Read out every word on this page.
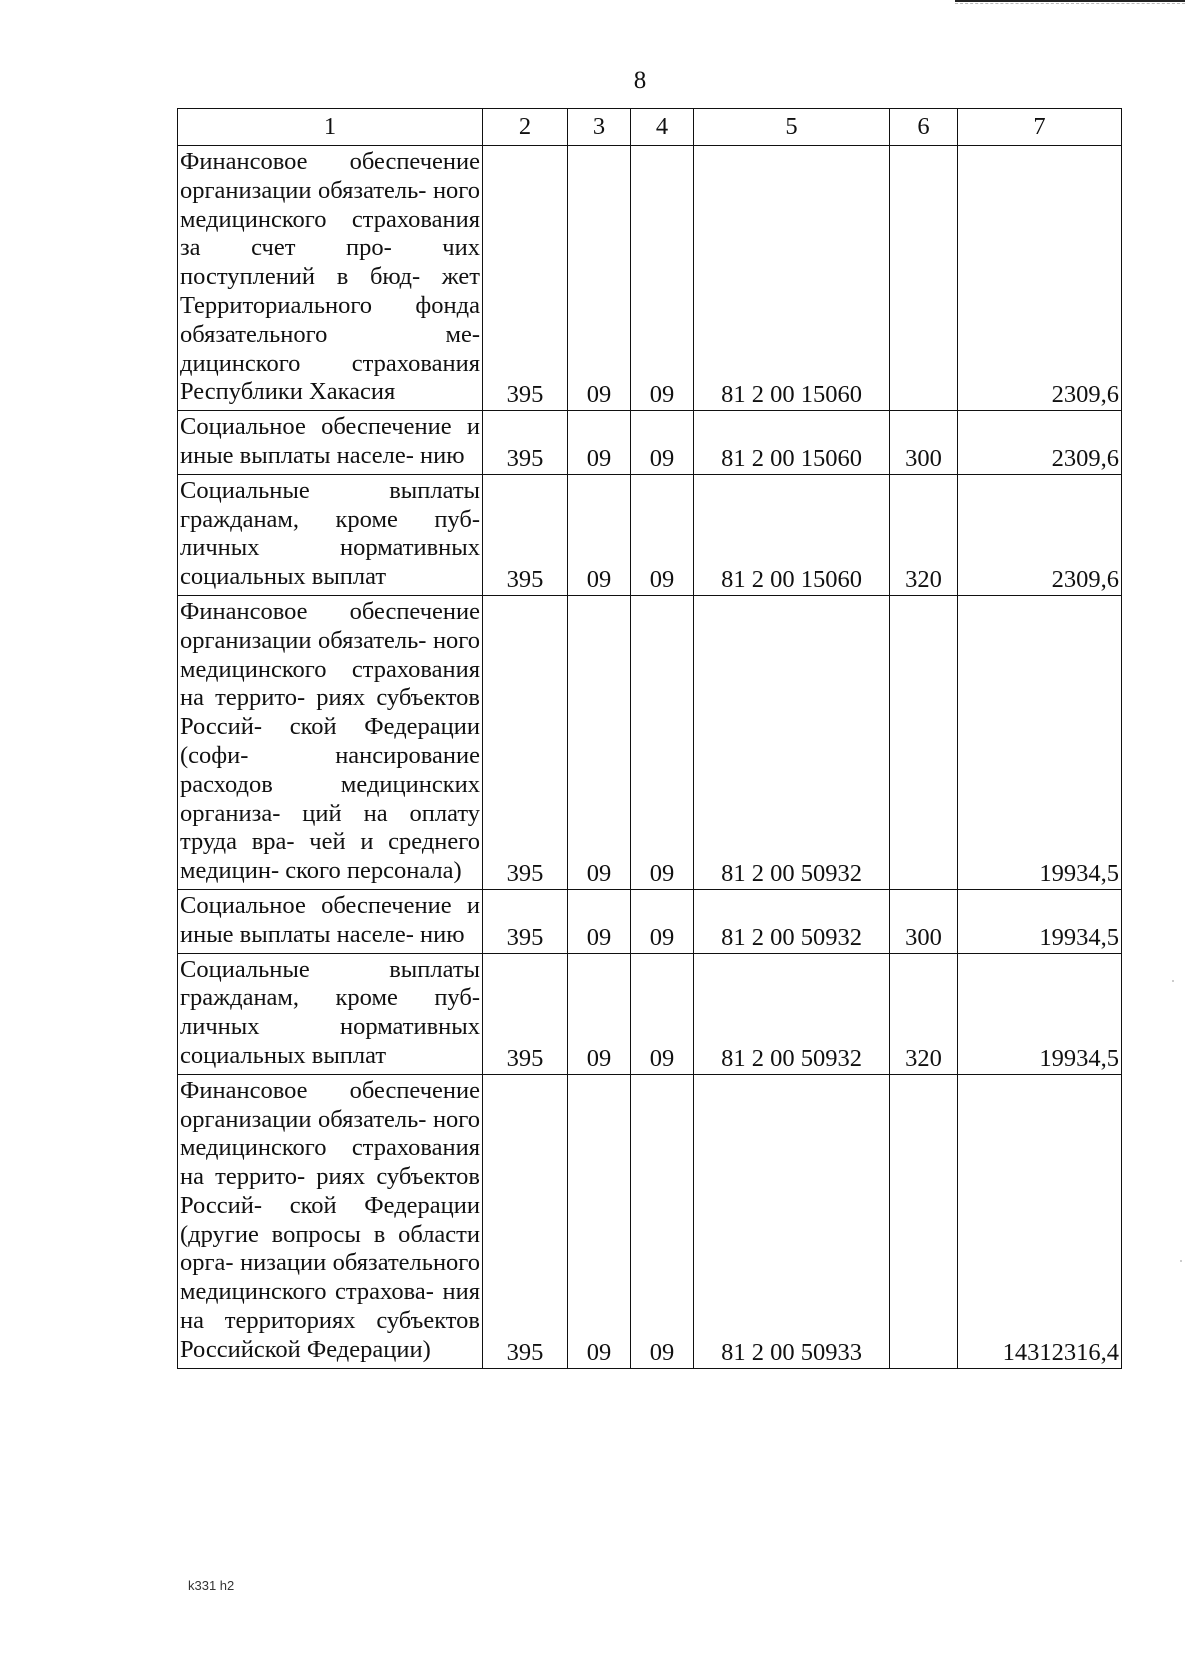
8
1	2	3	4	5	6	7
Финансовое обеспечение организации обязатель- ного медицинского страхования за счет про- чих поступлений в бюд- жет Территориального фонда обязательного ме- дицинского страхования Республики Хакасия	395	09	09	81 2 00 15060		2309,6
Социальное обеспечение и иные выплаты населе- нию	395	09	09	81 2 00 15060	300	2309,6
Социальные выплаты гражданам, кроме пуб- личных нормативных социальных выплат	395	09	09	81 2 00 15060	320	2309,6
Финансовое обеспечение организации обязатель- ного медицинского страхования на террито- риях субъектов Россий- ской Федерации (софи- нансирование расходов медицинских организа- ций на оплату труда вра- чей и среднего медицин- ского персонала)	395	09	09	81 2 00 50932		19934,5
Социальное обеспечение и иные выплаты населе- нию	395	09	09	81 2 00 50932	300	19934,5
Социальные выплаты гражданам, кроме пуб- личных нормативных социальных выплат	395	09	09	81 2 00 50932	320	19934,5
Финансовое обеспечение организации обязатель- ного медицинского страхования на террито- риях субъектов Россий- ской Федерации (другие вопросы в области орга- низации обязательного медицинского страхова- ния на территориях субъектов Российской Федерации)	395	09	09	81 2 00 50933		14312316,4
k331 h2
